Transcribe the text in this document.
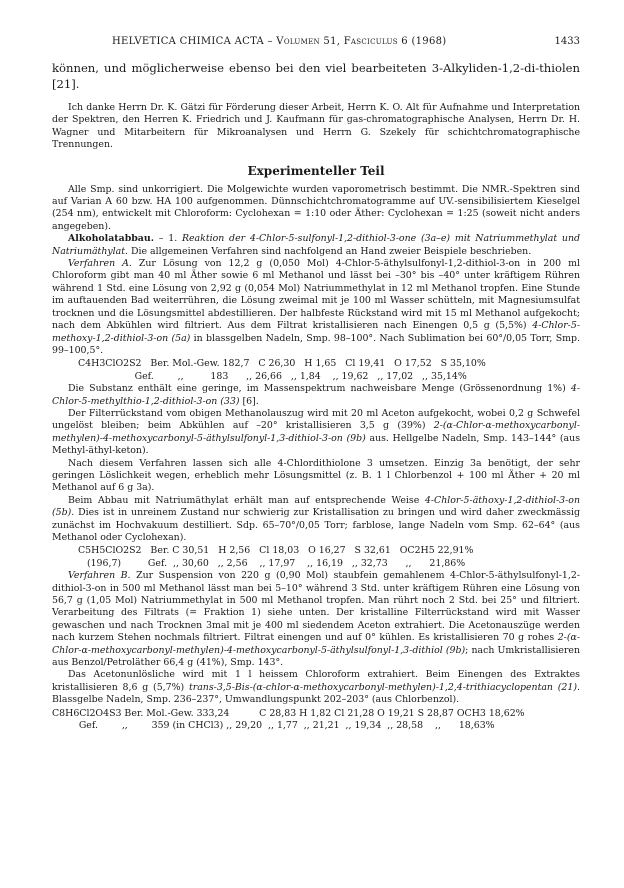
HELVETICA CHIMICA ACTA – Volumen 51, Fasciculus 6 (1968)	1433

können, und möglicherweise ebenso bei den viel bearbeiteten 3-Alkyliden-1,2-di-thiolen [21].

Ich danke Herrn Dr. K. Gätzi für Förderung dieser Arbeit, Herrn K. O. Alt für Aufnahme und Interpretation der Spektren, den Herren K. Friedrich und J. Kaufmann für gas-chromatographische Analysen, Herrn Dr. H. Wagner und Mitarbeitern für Mikroanalysen und Herrn G. Szekely für schichtchromatographische Trennungen.

Experimenteller Teil

Alle Smp. sind unkorrigiert. Die Molgewichte wurden vaporometrisch bestimmt. Die NMR.-Spektren sind auf Varian A 60 bzw. HA 100 aufgenommen. Dünnschichtchromatogramme auf UV.-sensibilisiertem Kieselgel (254 nm), entwickelt mit Chloroform: Cyclohexan = 1:10 oder Äther: Cyclohexan = 1:25 (soweit nicht anders angegeben).

Alkoholatabbau. – 1. Reaktion der 4-Chlor-5-sulfonyl-1,2-dithiol-3-one (3a–e) mit Natriummethylat und Natriumäthylat. Die allgemeinen Verfahren sind nachfolgend an Hand zweier Beispiele beschrieben.

Verfahren A. Zur Lösung von 12,2 g (0,050 Mol) 4-Chlor-5-äthylsulfonyl-1,2-dithiol-3-on in 200 ml Chloroform gibt man 40 ml Äther sowie 6 ml Methanol und lässt bei –30° bis –40° unter kräftigem Rühren während 1 Std. eine Lösung von 2,92 g (0,054 Mol) Natriummethylat in 12 ml Methanol tropfen. Eine Stunde im auftauenden Bad weiterrühren, die Lösung zweimal mit je 100 ml Wasser schütteln, mit Magnesiumsulfat trocknen und die Lösungsmittel abdestillieren. Der halbfeste Rückstand wird mit 15 ml Methanol aufgekocht; nach dem Abkühlen wird filtriert. Aus dem Filtrat kristallisieren nach Einengen 0,5 g (5,5%) 4-Chlor-5-methoxy-1,2-dithiol-3-on (5a) in blassgelben Nadeln, Smp. 98–100°. Nach Sublimation bei 60°/0,05 Torr, Smp. 99–100,5°.

C4H3ClO2S2   Ber. Mol.-Gew. 182,7   C 26,30   H 1,65   Cl 19,41   O 17,52   S 35,10%
Gef.        ,,         183      ,, 26,66   ,, 1,84    ,, 19,62   ,, 17,02   ,, 35,14%

Die Substanz enthält eine geringe, im Massenspektrum nachweisbare Menge (Grössenordnung 1%) 4-Chlor-5-methylthio-1,2-dithiol-3-on (33) [6].

Der Filterrückstand vom obigen Methanolauszug wird mit 20 ml Aceton aufgekocht, wobei 0,2 g Schwefel ungelöst bleiben; beim Abkühlen auf –20° kristallisieren 3,5 g (39%) 2-(α-Chlor-α-methoxycarbonyl-methylen)-4-methoxycarbonyl-5-äthylsulfonyl-1,3-dithiol-3-on (9b) aus. Hellgelbe Nadeln, Smp. 143–144° (aus Methyl-äthyl-keton).

Nach diesem Verfahren lassen sich alle 4-Chlordithiolone 3 umsetzen. Einzig 3a benötigt, der sehr geringen Löslichkeit wegen, erheblich mehr Lösungsmittel (z. B. 1 l Chlorbenzol + 100 ml Äther + 20 ml Methanol auf 6 g 3a).

Beim Abbau mit Natriumäthylat erhält man auf entsprechende Weise 4-Chlor-5-äthoxy-1,2-dithiol-3-on (5b). Dies ist in unreinem Zustand nur schwierig zur Kristallisation zu bringen und wird daher zweckmässig zunächst im Hochvakuum destilliert. Sdp. 65–70°/0,05 Torr; farblose, lange Nadeln vom Smp. 62–64° (aus Methanol oder Cyclohexan).

C5H5ClO2S2   Ber. C 30,51   H 2,56   Cl 18,03   O 16,27   S 32,61   OC2H5 22,91%
(196,7)         Gef.  ,, 30,60   ,, 2,56    ,, 17,97    ,, 16,19   ,, 32,73      ,,      21,86%

Verfahren B. Zur Suspension von 220 g (0,90 Mol) staubfein gemahlenem 4-Chlor-5-äthylsulfonyl-1,2-dithiol-3-on in 500 ml Methanol lässt man bei 5–10° während 3 Std. unter kräftigem Rühren eine Lösung von 56,7 g (1,05 Mol) Natriummethylat in 500 ml Methanol tropfen. Man rührt noch 2 Std. bei 25° und filtriert. Verarbeitung des Filtrats (= Fraktion 1) siehe unten. Der kristalline Filterrückstand wird mit Wasser gewaschen und nach Trocknen 3mal mit je 400 ml siedendem Aceton extrahiert. Die Acetonauszüge werden nach kurzem Stehen nochmals filtriert. Filtrat einengen und auf 0° kühlen. Es kristallisieren 70 g rohes 2-(α-Chlor-α-methoxycarbonyl-methylen)-4-methoxycarbonyl-5-äthylsulfonyl-1,3-dithiol (9b); nach Umkristallisieren aus Benzol/Petroläther 66,4 g (41%), Smp. 143°.

Das Acetonunlösliche wird mit 1 l heissem Chloroform extrahiert. Beim Einengen des Extraktes kristallisieren 8,6 g (5,7%) trans-3,5-Bis-(α-chlor-α-methoxycarbonyl-methylen)-1,2,4-trithiacyclopentan (21). Blassgelbe Nadeln, Smp. 236–237°, Umwandlungspunkt 202–203° (aus Chlorbenzol).

C8H6Cl2O4S3 Ber. Mol.-Gew. 333,24          C 28,83 H 1,82 Cl 21,28 O 19,21 S 28,87 OCH3 18,62%
Gef.        ,,        359 (in CHCl3) ,, 29,20  ,, 1,77  ,, 21,21  ,, 19,34  ,, 28,58    ,,      18,63%
